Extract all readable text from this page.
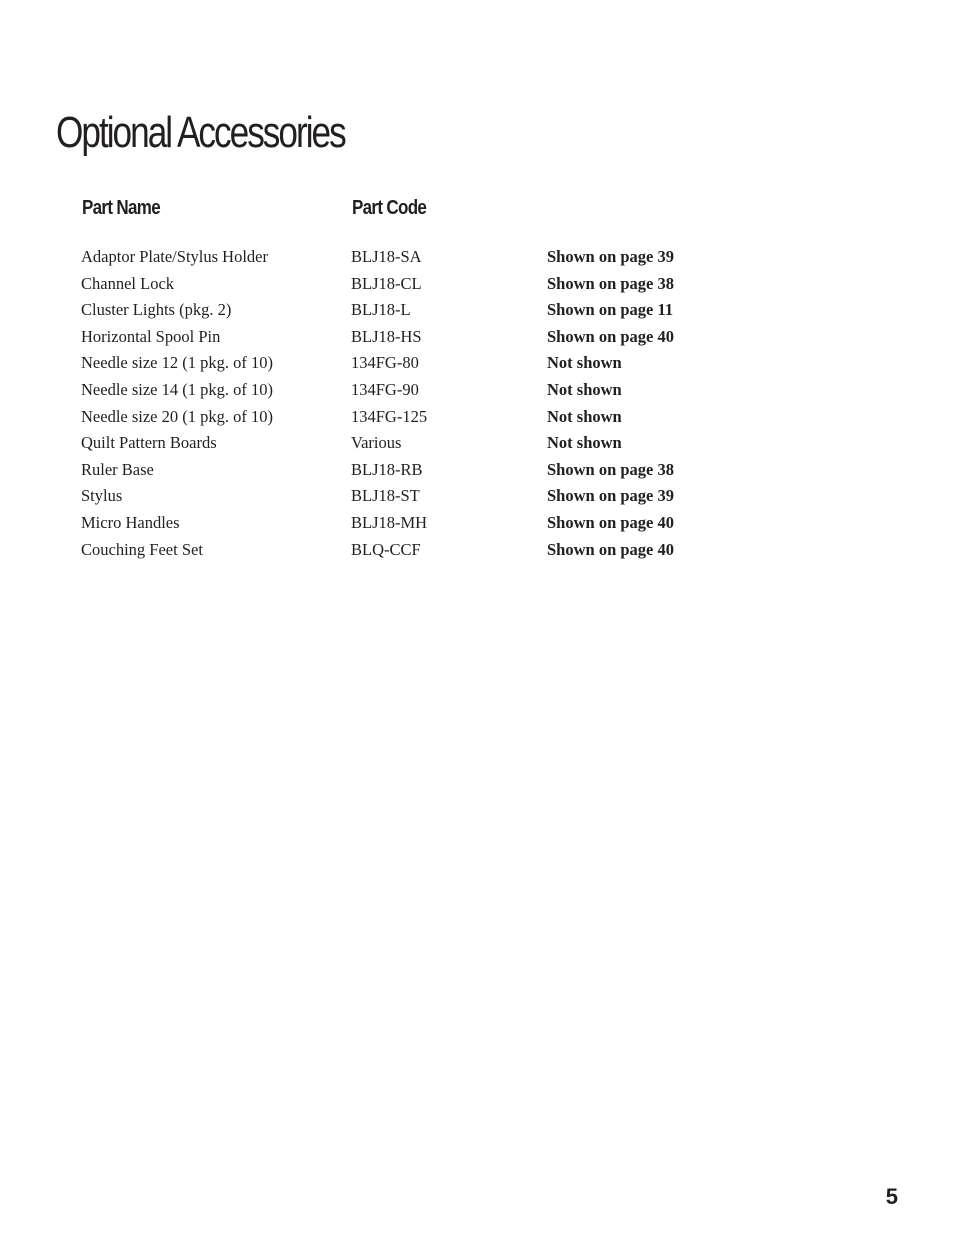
Optional Accessories
Part Name	Part Code
Adaptor Plate/Stylus Holder	BLJ18-SA	Shown on page 39
Channel Lock	BLJ18-CL	Shown on page 38
Cluster Lights (pkg. 2)	BLJ18-L	Shown on page 11
Horizontal Spool Pin	BLJ18-HS	Shown on page 40
Needle size 12 (1 pkg. of 10)	134FG-80	Not shown
Needle size 14 (1 pkg. of 10)	134FG-90	Not shown
Needle size 20 (1 pkg. of 10)	134FG-125	Not shown
Quilt Pattern Boards	Various	Not shown
Ruler Base	BLJ18-RB	Shown on page 38
Stylus	BLJ18-ST	Shown on page 39
Micro Handles	BLJ18-MH	Shown on page 40
Couching Feet Set	BLQ-CCF	Shown on page 40
5
